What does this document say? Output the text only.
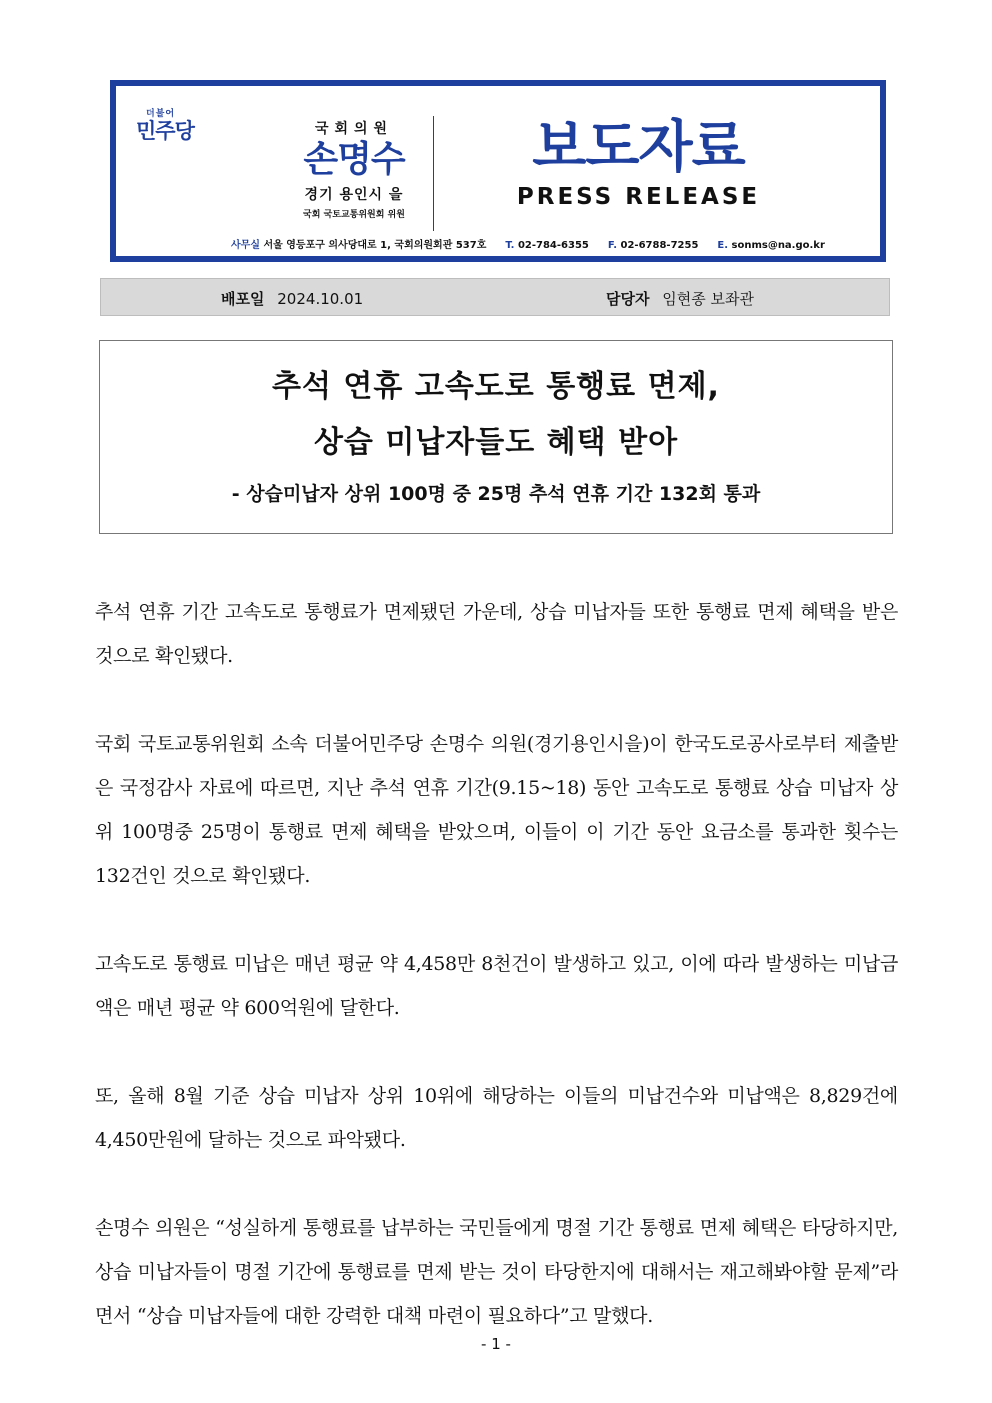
더불어
민주당	국회의원
손명수
경기 용인시 을
국회 국토교통위원회 위원
보도자료
PRESS RELEASE
사무실 서울 영등포구 의사당대로 1, 국회의원회관 537호 T. 02-784-6355 F. 02-6788-7255 E. sonms@na.go.kr
배포일 2024.10.01	담당자 임현종 보좌관
추석 연휴 고속도로 통행료 면제,
상습 미납자들도 혜택 받아
- 상습미납자 상위 100명 중 25명 추석 연휴 기간 132회 통과

추석 연휴 기간 고속도로 통행료가 면제됐던 가운데, 상습 미납자들 또한 통행료 면제 혜택을 받은 것으로 확인됐다.

국회 국토교통위원회 소속 더불어민주당 손명수 의원(경기용인시을)이 한국도로공사로부터 제출받은 국정감사 자료에 따르면, 지난 추석 연휴 기간(9.15~18) 동안 고속도로 통행료 상습 미납자 상위 100명중 25명이 통행료 면제 혜택을 받았으며, 이들이 이 기간 동안 요금소를 통과한 횟수는 132건인 것으로 확인됐다.

고속도로 통행료 미납은 매년 평균 약 4,458만 8천건이 발생하고 있고, 이에 따라 발생하는 미납금액은 매년 평균 약 600억원에 달한다.

또, 올해 8월 기준 상습 미납자 상위 10위에 해당하는 이들의 미납건수와 미납액은 8,829건에 4,450만원에 달하는 것으로 파악됐다.

손명수 의원은 “성실하게 통행료를 납부하는 국민들에게 명절 기간 통행료 면제 혜택은 타당하지만, 상습 미납자들이 명절 기간에 통행료를 면제 받는 것이 타당한지에 대해서는 재고해봐야할 문제”라면서 “상습 미납자들에 대한 강력한 대책 마련이 필요하다”고 말했다.

- 1 -
